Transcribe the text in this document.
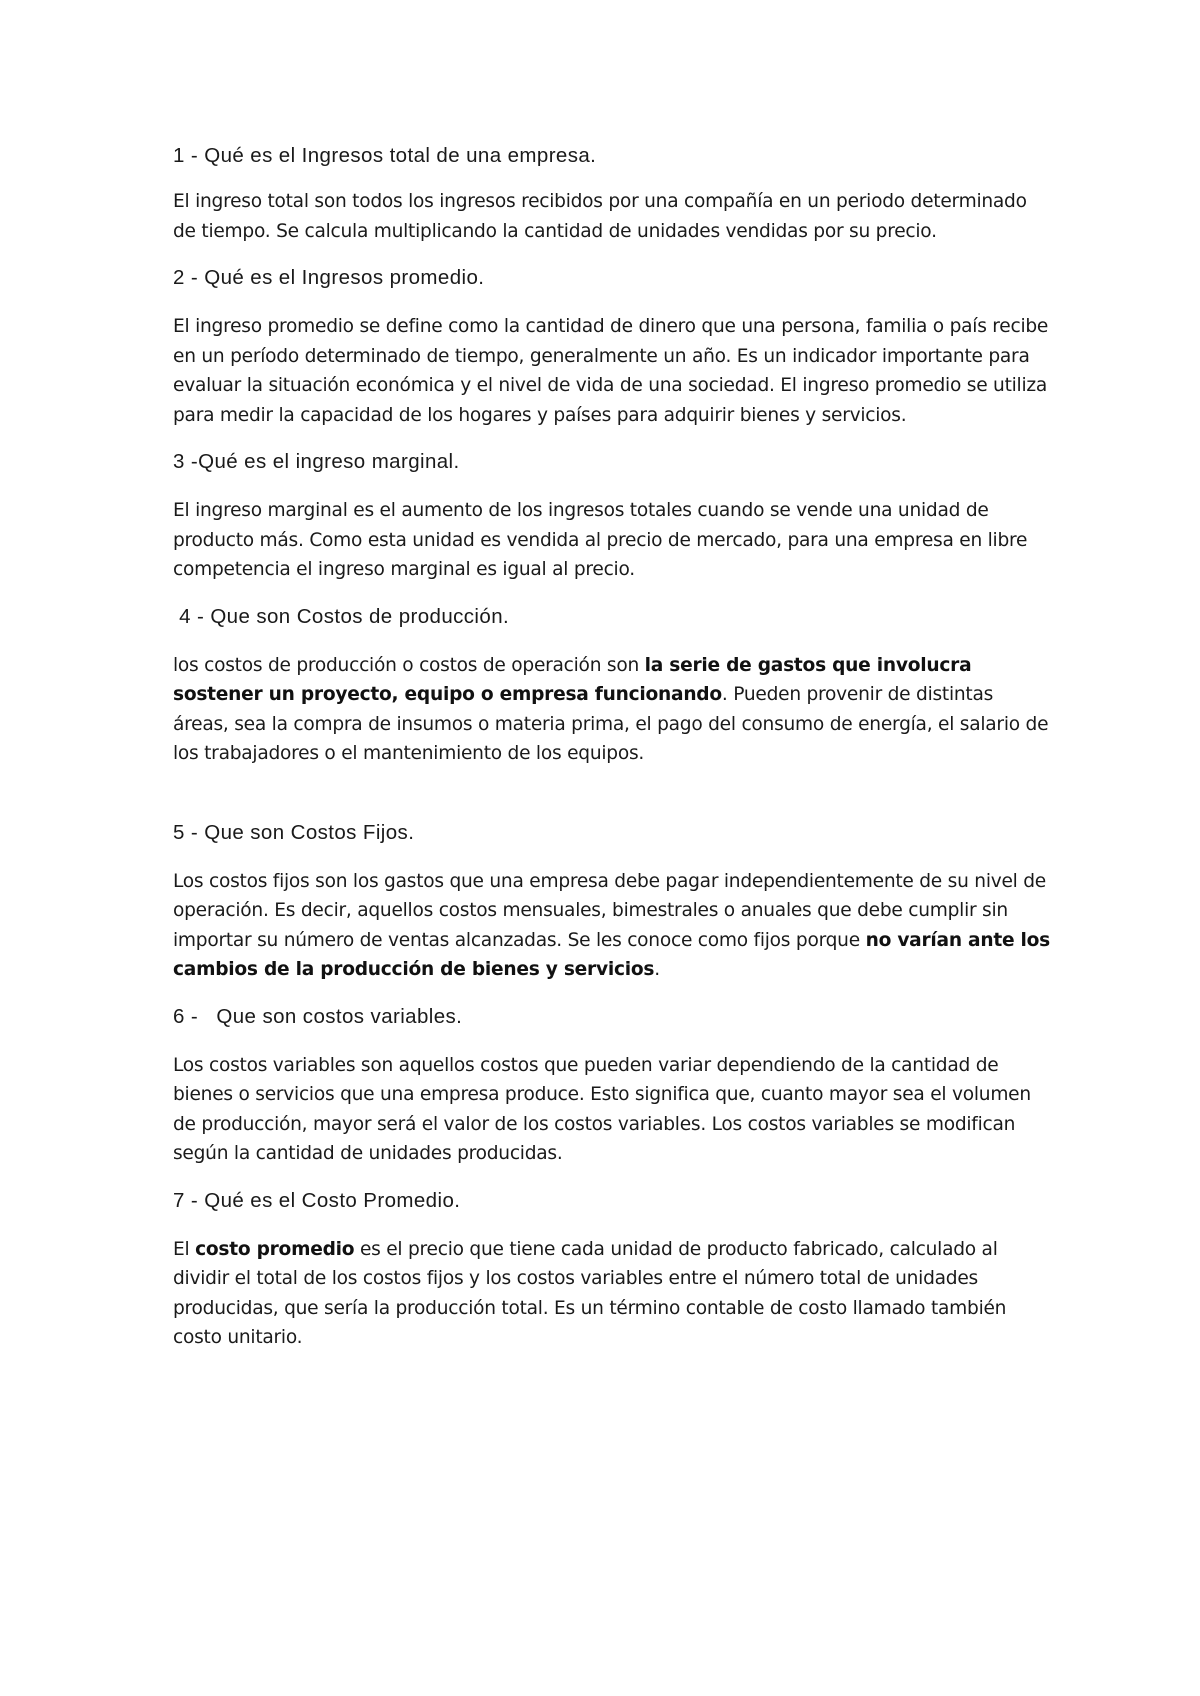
1 - Qué es el Ingresos total de una empresa.

El ingreso total son todos los ingresos recibidos por una compañía en un periodo determinado de tiempo. Se calcula multiplicando la cantidad de unidades vendidas por su precio.

2 - Qué es el Ingresos promedio.

El ingreso promedio se define como la cantidad de dinero que una persona, familia o país recibe en un período determinado de tiempo, generalmente un año. Es un indicador importante para evaluar la situación económica y el nivel de vida de una sociedad. El ingreso promedio se utiliza para medir la capacidad de los hogares y países para adquirir bienes y servicios.

3 -Qué es el ingreso marginal.

El ingreso marginal es el aumento de los ingresos totales cuando se vende una unidad de producto más. Como esta unidad es vendida al precio de mercado, para una empresa en libre competencia el ingreso marginal es igual al precio.

4 - Que son Costos de producción.

los costos de producción o costos de operación son la serie de gastos que involucra sostener un proyecto, equipo o empresa funcionando. Pueden provenir de distintas áreas, sea la compra de insumos o materia prima, el pago del consumo de energía, el salario de los trabajadores o el mantenimiento de los equipos.

5 - Que son Costos Fijos.

Los costos fijos son los gastos que una empresa debe pagar independientemente de su nivel de operación. Es decir, aquellos costos mensuales, bimestrales o anuales que debe cumplir sin importar su número de ventas alcanzadas. Se les conoce como fijos porque no varían ante los cambios de la producción de bienes y servicios.

6 -   Que son costos variables.

Los costos variables son aquellos costos que pueden variar dependiendo de la cantidad de bienes o servicios que una empresa produce. Esto significa que, cuanto mayor sea el volumen de producción, mayor será el valor de los costos variables. Los costos variables se modifican según la cantidad de unidades producidas.

7 - Qué es el Costo Promedio.

El costo promedio es el precio que tiene cada unidad de producto fabricado, calculado al dividir el total de los costos fijos y los costos variables entre el número total de unidades producidas, que sería la producción total. Es un término contable de costo llamado también costo unitario.
